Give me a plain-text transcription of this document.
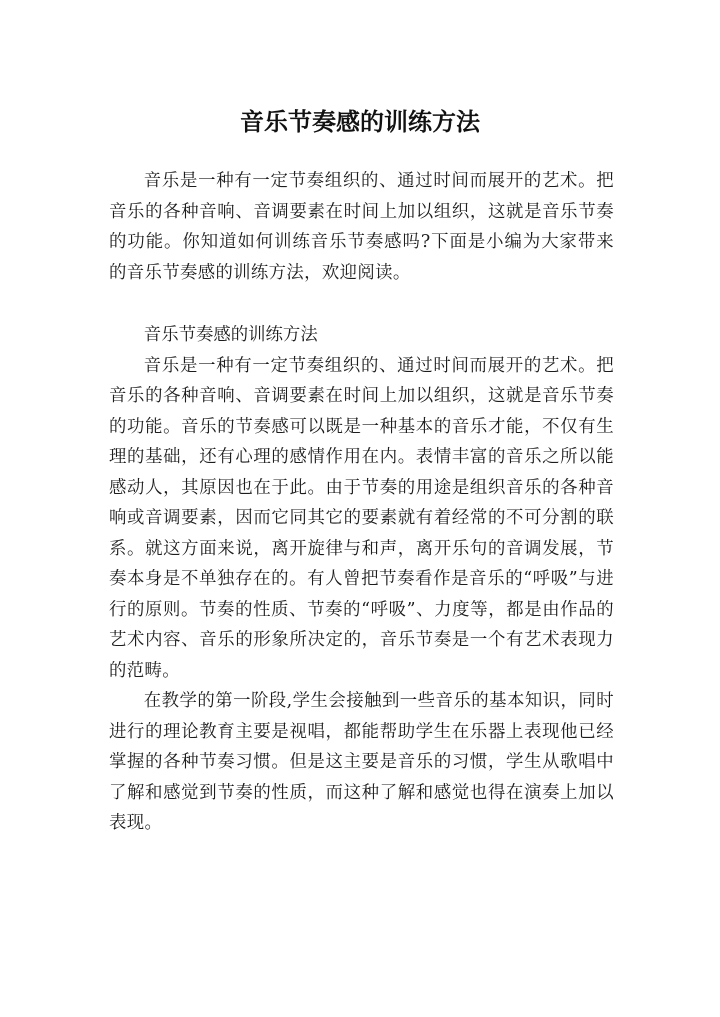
音乐节奏感的训练方法

音乐是一种有一定节奏组织的、通过时间而展开的艺术。把音乐的各种音响、音调要素在时间上加以组织，这就是音乐节奏的功能。你知道如何训练音乐节奏感吗?下面是小编为大家带来的音乐节奏感的训练方法，欢迎阅读。

音乐节奏感的训练方法

音乐是一种有一定节奏组织的、通过时间而展开的艺术。把音乐的各种音响、音调要素在时间上加以组织，这就是音乐节奏的功能。音乐的节奏感可以既是一种基本的音乐才能，不仅有生理的基础，还有心理的感情作用在内。表情丰富的音乐之所以能感动人，其原因也在于此。由于节奏的用途是组织音乐的各种音响或音调要素，因而它同其它的要素就有着经常的不可分割的联系。就这方面来说，离开旋律与和声，离开乐句的音调发展，节奏本身是不单独存在的。有人曾把节奏看作是音乐的“呼吸”与进行的原则。节奏的性质、节奏的“呼吸”、力度等，都是由作品的 艺术内容、音乐的形象所决定的，音乐节奏是一个有艺术表现力的范畴。

在教学的第一阶段,学生会接触到一些音乐的基本知识，同时进行的理论教育主要是视唱，都能帮助学生在乐器上表现他已经掌握的各种节奏习惯。但是这主要是音乐的习惯，学生从歌唱中了解和感觉到节奏的性质，而这种了解和感觉也得在演奏上加以表现。
